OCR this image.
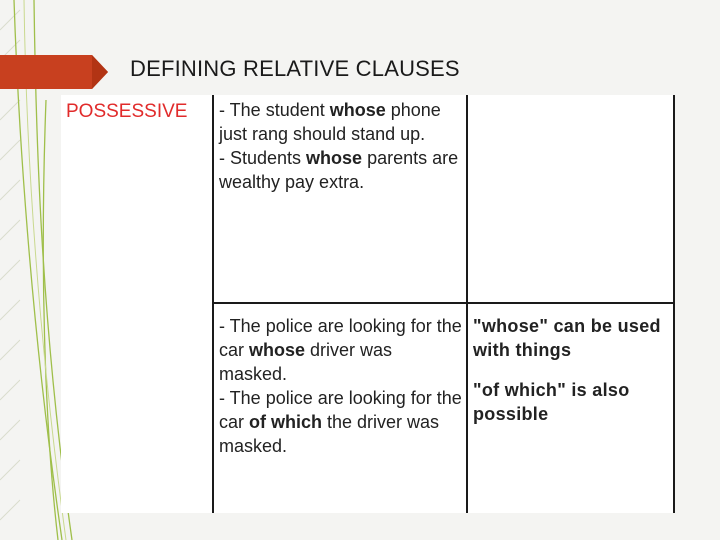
DEFINING RELATIVE CLAUSES
POSSESSIVE	- The student whose phone just rang should stand up.
- Students whose parents are wealthy pay extra.	

	- The police are looking for the car whose driver was masked.
- The police are looking for the car of which the driver was masked.	"whose" can be used with things
"of which" is also possible
